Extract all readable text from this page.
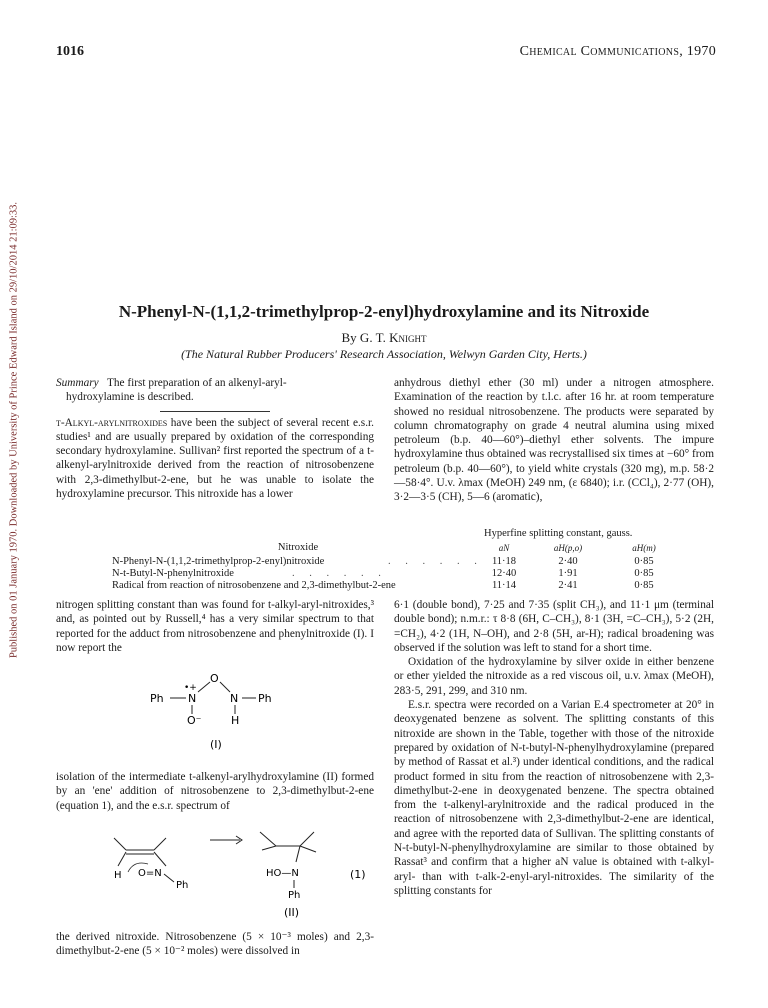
1016	Chemical Communications, 1970
Published on 01 January 1970. Downloaded by University of Prince Edward Island on 29/10/2014 21:09:33.	N-Phenyl-N-(1,1,2-trimethylprop-2-enyl)hydroxylamine and its Nitroxide
By G. T. Knight
(The Natural Rubber Producers' Research Association, Welwyn Garden City, Herts.)

Summary The first preparation of an alkenyl-aryl-
hydroxylamine is described.

t-Alkyl-arylnitroxides have been the subject of several recent e.s.r. studies¹ and are usually prepared by oxidation of the corresponding secondary hydroxylamine. Sullivan² first reported the spectrum of a t-alkenyl-arylnitroxide derived from the reaction of nitrosobenzene with 2,3-dimethylbut-2-ene, but he was unable to isolate the hydroxylamine precursor. This nitroxide has a lower

anhydrous diethyl ether (30 ml) under a nitrogen atmosphere. Examination of the reaction by t.l.c. after 16 hr. at room temperature showed no residual nitrosobenzene. The products were separated by column chromatography on grade 4 neutral alumina using mixed petroleum (b.p. 40—60°)–diethyl ether solvents. The impure hydroxylamine thus obtained was recrystallised six times at −60° from petroleum (b.p. 40—60°), to yield white crystals (320 mg), m.p. 58·2—58·4°. U.v. λmax (MeOH) 249 nm, (ε 6840); i.r. (CCl₄), 2·77 (OH), 3·2—3·5 (CH), 5—6 (aromatic),

Hyperfine splitting constant, gauss.
Nitroxide	aN	aH(p,o)	aH(m)
N-Phenyl-N-(1,1,2-trimethylprop-2-enyl)nitroxide	. . . . . . 11·18	2·40	0·85
N-t-Butyl-N-phenylnitroxide	. . . . . .	12·40	1·91	0·85
Radical from reaction of nitrosobenzene and 2,3-dimethylbut-2-ene	11·14	2·41	0·85

nitrogen splitting constant than was found for t-alkyl-aryl-nitroxides,³ and, as pointed out by Russell,⁴ has a very similar spectrum to that reported for the adduct from nitrosobenzene and phenylnitroxide (I). I now report the

Ph N
•+
O
N Ph
O⁻	H
(I)

isolation of the intermediate t-alkenyl-arylhydroxylamine (II) formed by an 'ene' addition of nitrosobenzene to 2,3-dimethylbut-2-ene (equation 1), and the e.s.r. spectrum of

H O=N
Ph
HO—N
Ph
(II)
(1)

the derived nitroxide. Nitrosobenzene (5 × 10⁻³ moles) and 2,3-dimethylbut-2-ene (5 × 10⁻² moles) were dissolved in

6·1 (double bond), 7·25 and 7·35 (split CH₃), and 11·1 μm (terminal double bond); n.m.r.: τ 8·8 (6H, C–CH₃), 8·1 (3H, =C–CH₃), 5·2 (2H, =CH₂), 4·2 (1H, N–OH), and 2·8 (5H, ar-H); radical broadening was observed if the solution was left to stand for a short time.

Oxidation of the hydroxylamine by silver oxide in either benzene or ether yielded the nitroxide as a red viscous oil, u.v. λmax (MeOH), 283·5, 291, 299, and 310 nm.

E.s.r. spectra were recorded on a Varian E.4 spectrometer at 20° in deoxygenated benzene as solvent. The splitting constants of this nitroxide are shown in the Table, together with those of the nitroxide prepared by oxidation of N-t-butyl-N-phenylhydroxylamine (prepared by method of Rassat et al.³) under identical conditions, and the radical product formed in situ from the reaction of nitrosobenzene with 2,3-dimethylbut-2-ene in deoxygenated benzene. The spectra obtained from the t-alkenyl-arylnitroxide and the radical produced in the reaction of nitrosobenzene with 2,3-dimethylbut-2-ene are identical, and agree with the reported data of Sullivan. The splitting constants of N-t-butyl-N-phenylhydroxylamine are similar to those obtained by Rassat³ and confirm that a higher aN value is obtained with t-alkyl-aryl- than with t-alk-2-enyl-aryl-nitroxides. The similarity of the splitting constants for
